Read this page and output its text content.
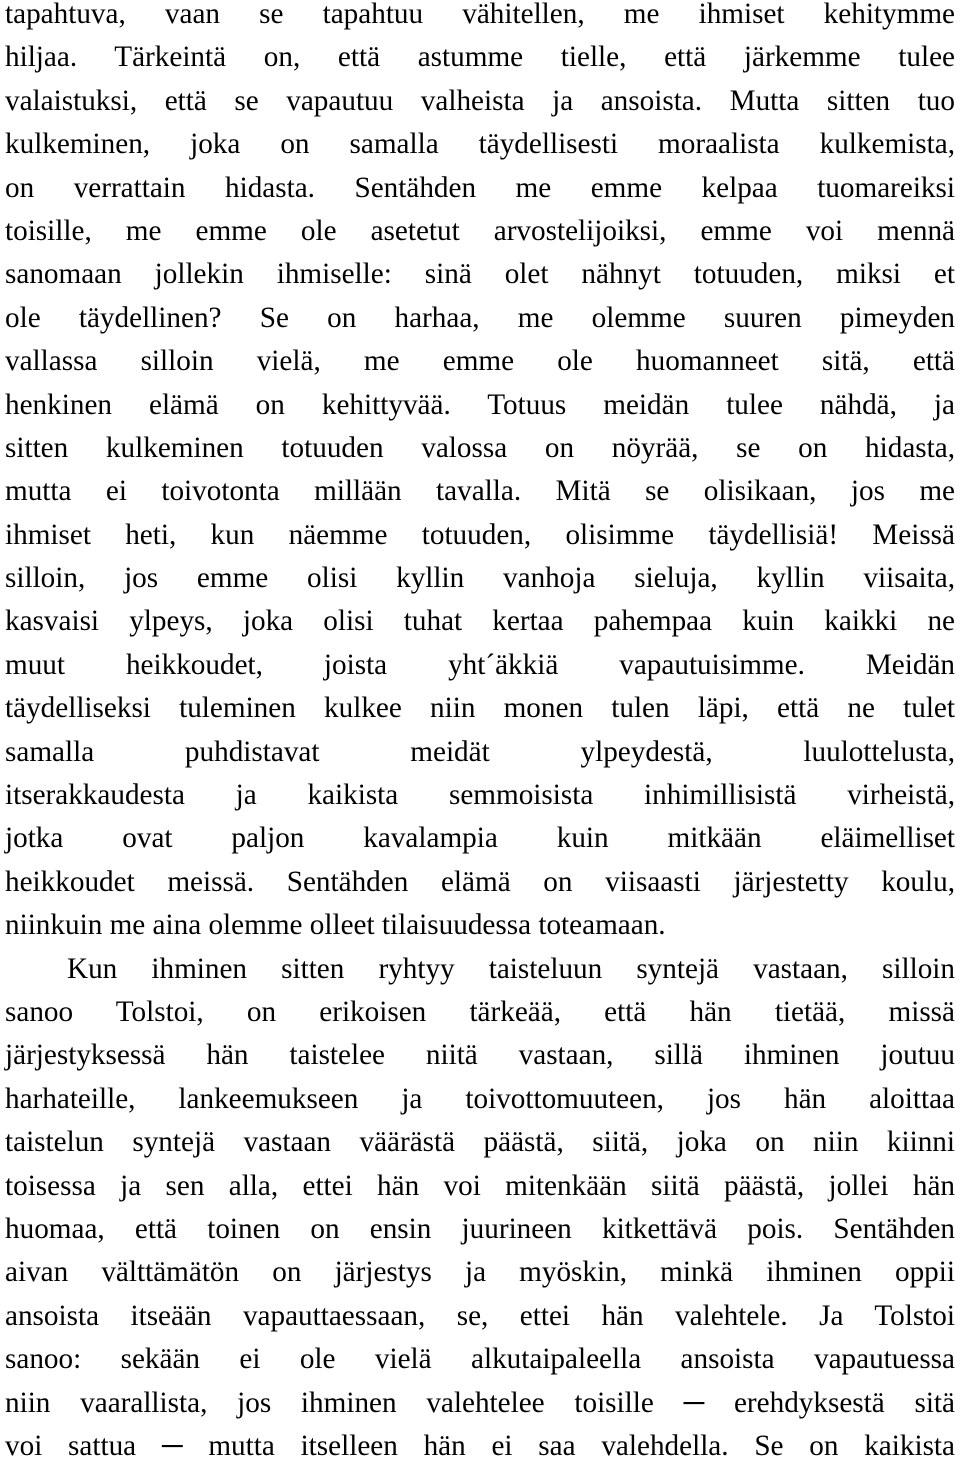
tapahtuva, vaan se tapahtuu vähitellen, me ihmiset kehitymme
hiljaa. Tärkeintä on, että astumme tielle, että järkemme tulee
valaistuksi, että se vapautuu valheista ja ansoista. Mutta sitten tuo
kulkeminen, joka on samalla täydellisesti moraalista kulkemista,
on verrattain hidasta. Sentähden me emme kelpaa tuomareiksi
toisille, me emme ole asetetut arvostelijoiksi, emme voi mennä
sanomaan jollekin ihmiselle: sinä olet nähnyt totuuden, miksi et
ole täydellinen? Se on harhaa, me olemme suuren pimeyden
vallassa silloin vielä, me emme ole huomanneet sitä, että
henkinen elämä on kehittyvää. Totuus meidän tulee nähdä, ja
sitten kulkeminen totuuden valossa on nöyrää, se on hidasta,
mutta ei toivotonta millään tavalla. Mitä se olisikaan, jos me
ihmiset heti, kun näemme totuuden, olisimme täydellisiä! Meissä
silloin, jos emme olisi kyllin vanhoja sieluja, kyllin viisaita,
kasvaisi ylpeys, joka olisi tuhat kertaa pahempaa kuin kaikki ne
muut heikkoudet, joista yht´äkkiä vapautuisimme. Meidän
täydelliseksi tuleminen kulkee niin monen tulen läpi, että ne tulet
samalla puhdistavat meidät ylpeydestä, luulottelusta,
itserakkaudesta ja kaikista semmoisista inhimillisistä virheistä,
jotka ovat paljon kavalampia kuin mitkään eläimelliset
heikkoudet meissä. Sentähden elämä on viisaasti järjestetty koulu,
niinkuin me aina olemme olleet tilaisuudessa toteamaan.
Kun ihminen sitten ryhtyy taisteluun syntejä vastaan, silloin
sanoo Tolstoi, on erikoisen tärkeää, että hän tietää, missä
järjestyksessä hän taistelee niitä vastaan, sillä ihminen joutuu
harhateille, lankeemukseen ja toivottomuuteen, jos hän aloittaa
taistelun syntejä vastaan väärästä päästä, siitä, joka on niin kiinni
toisessa ja sen alla, ettei hän voi mitenkään siitä päästä, jollei hän
huomaa, että toinen on ensin juurineen kitkettävä pois. Sentähden
aivan välttämätön on järjestys ja myöskin, minkä ihminen oppii
ansoista itseään vapauttaessaan, se, ettei hän valehtele. Ja Tolstoi
sanoo: sekään ei ole vielä alkutaipaleella ansoista vapautuessa
niin vaarallista, jos ihminen valehtelee toisille ─ erehdyksestä sitä
voi sattua ─ mutta itselleen hän ei saa valehdella. Se on kaikista
